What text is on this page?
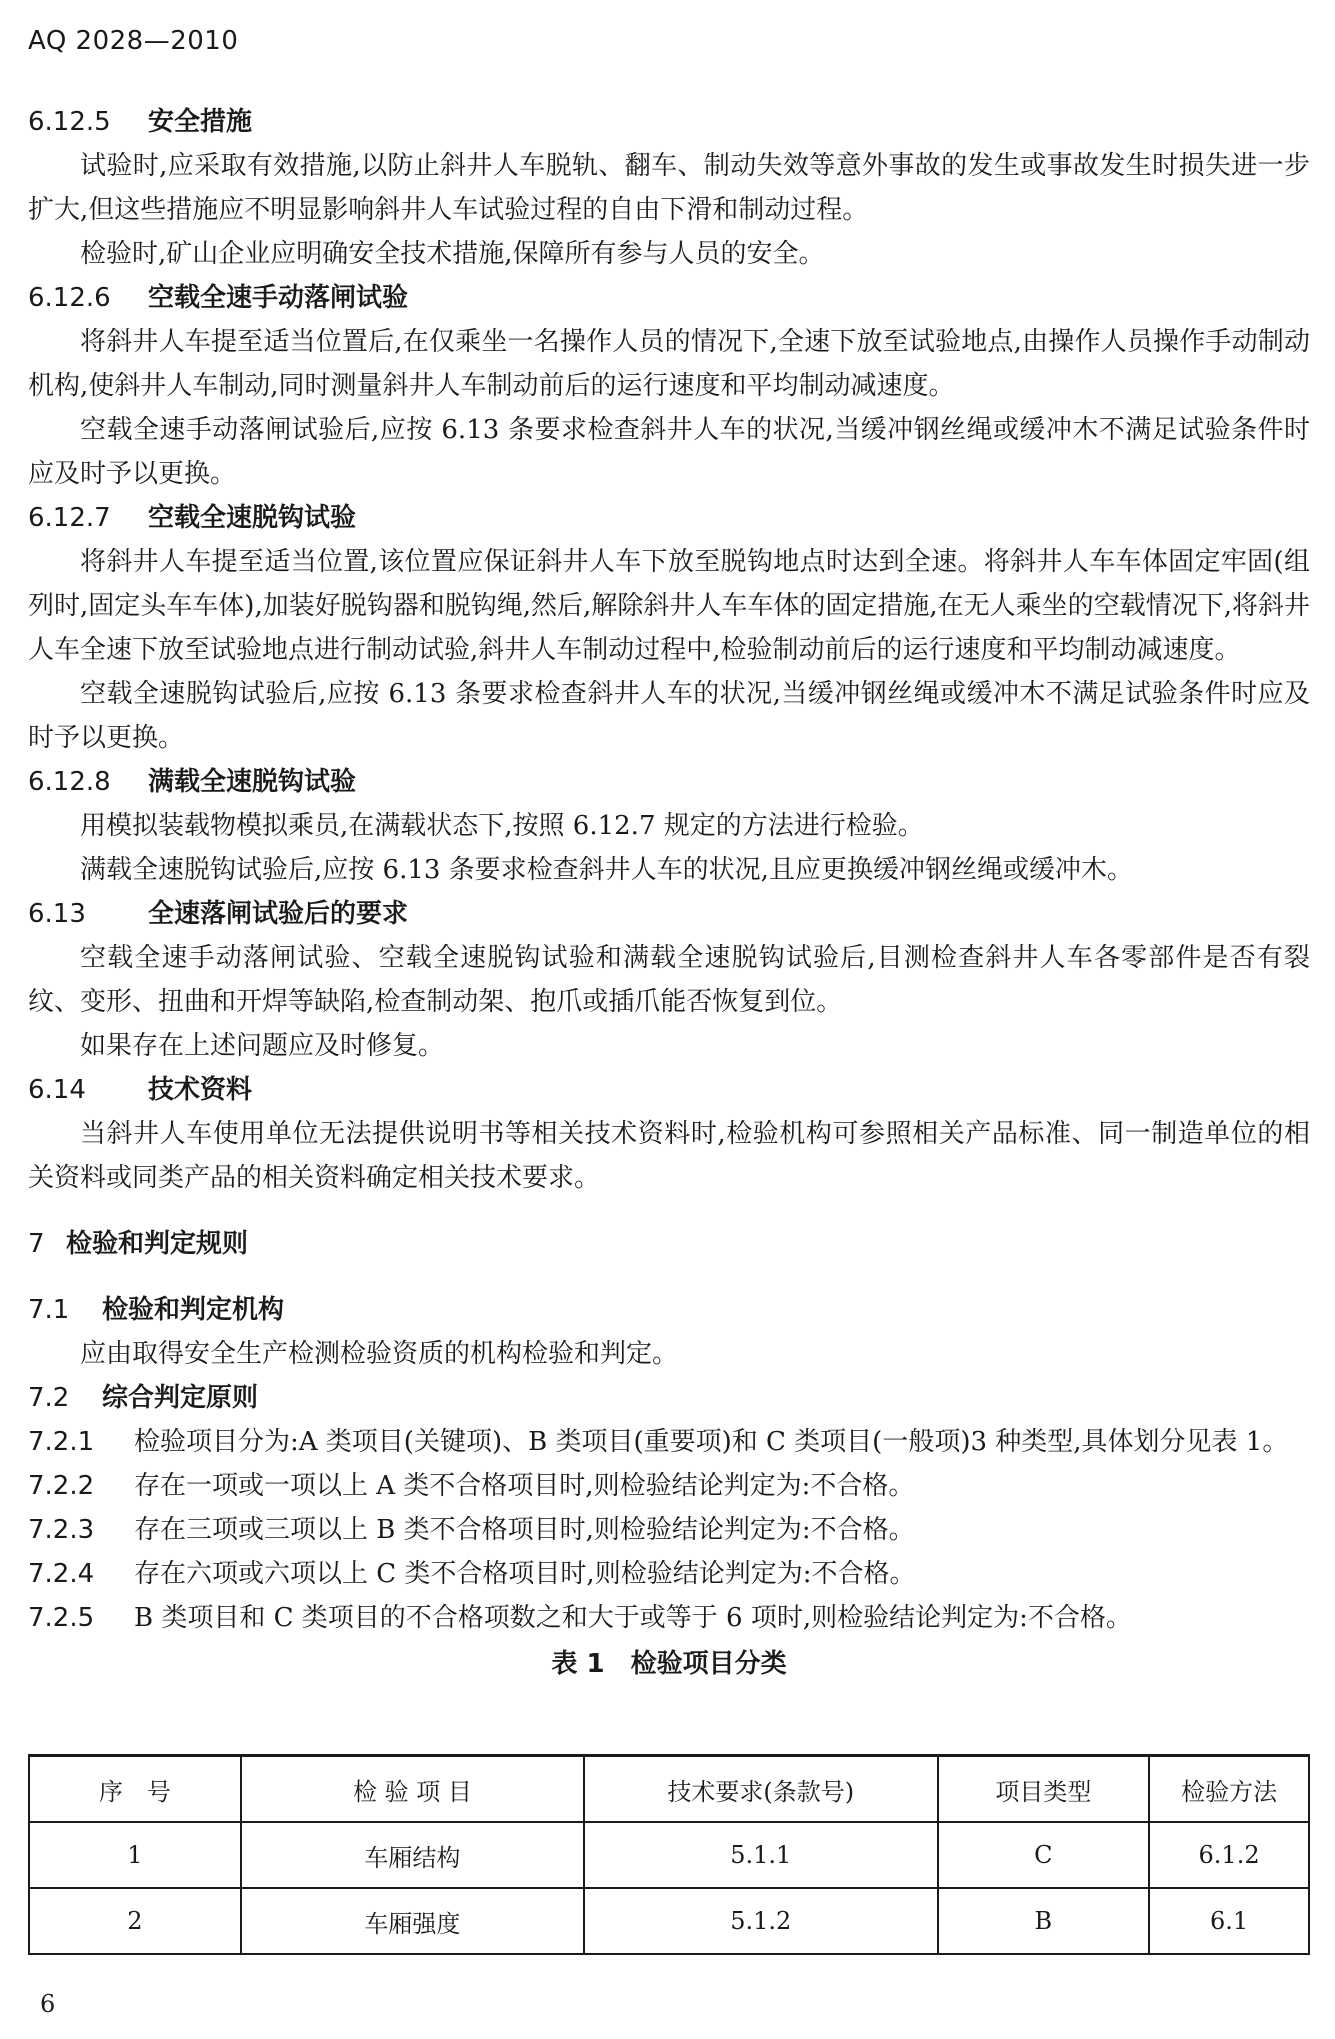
AQ 2028—2010
6.12.5 安全措施
试验时,应采取有效措施,以防止斜井人车脱轨、翻车、制动失效等意外事故的发生或事故发生时损失进一步扩大,但这些措施应不明显影响斜井人车试验过程的自由下滑和制动过程。
检验时,矿山企业应明确安全技术措施,保障所有参与人员的安全。
6.12.6 空载全速手动落闸试验
将斜井人车提至适当位置后,在仅乘坐一名操作人员的情况下,全速下放至试验地点,由操作人员操作手动制动机构,使斜井人车制动,同时测量斜井人车制动前后的运行速度和平均制动减速度。
空载全速手动落闸试验后,应按 6.13 条要求检查斜井人车的状况,当缓冲钢丝绳或缓冲木不满足试验条件时应及时予以更换。
6.12.7 空载全速脱钩试验
将斜井人车提至适当位置,该位置应保证斜井人车下放至脱钩地点时达到全速。将斜井人车车体固定牢固(组列时,固定头车车体),加装好脱钩器和脱钩绳,然后,解除斜井人车车体的固定措施,在无人乘坐的空载情况下,将斜井人车全速下放至试验地点进行制动试验,斜井人车制动过程中,检验制动前后的运行速度和平均制动减速度。
空载全速脱钩试验后,应按 6.13 条要求检查斜井人车的状况,当缓冲钢丝绳或缓冲木不满足试验条件时应及时予以更换。
6.12.8 满载全速脱钩试验
用模拟装载物模拟乘员,在满载状态下,按照 6.12.7 规定的方法进行检验。
满载全速脱钩试验后,应按 6.13 条要求检查斜井人车的状况,且应更换缓冲钢丝绳或缓冲木。
6.13 全速落闸试验后的要求
空载全速手动落闸试验、空载全速脱钩试验和满载全速脱钩试验后,目测检查斜井人车各零部件是否有裂纹、变形、扭曲和开焊等缺陷,检查制动架、抱爪或插爪能否恢复到位。
如果存在上述问题应及时修复。
6.14 技术资料
当斜井人车使用单位无法提供说明书等相关技术资料时,检验机构可参照相关产品标准、同一制造单位的相关资料或同类产品的相关资料确定相关技术要求。
7 检验和判定规则
7.1 检验和判定机构
应由取得安全生产检测检验资质的机构检验和判定。
7.2 综合判定原则
7.2.1 检验项目分为:A 类项目(关键项)、B 类项目(重要项)和 C 类项目(一般项)3 种类型,具体划分见表 1。
7.2.2 存在一项或一项以上 A 类不合格项目时,则检验结论判定为:不合格。
7.2.3 存在三项或三项以上 B 类不合格项目时,则检验结论判定为:不合格。
7.2.4 存在六项或六项以上 C 类不合格项目时,则检验结论判定为:不合格。
7.2.5 B 类项目和 C 类项目的不合格项数之和大于或等于 6 项时,则检验结论判定为:不合格。
表 1　检验项目分类
序　号	检 验 项 目	技术要求(条款号)	项目类型	检验方法
1	车厢结构	5.1.1	C	6.1.2
2	车厢强度	5.1.2	B	6.1
6
